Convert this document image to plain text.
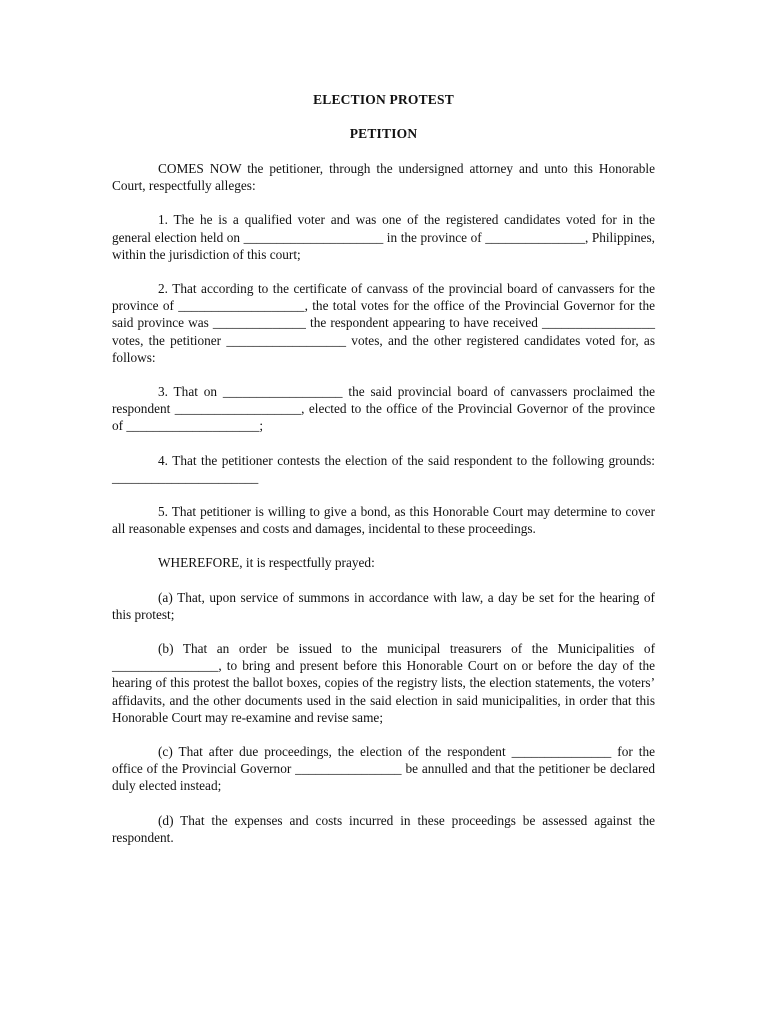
ELECTION PROTEST

PETITION

COMES NOW the petitioner, through the undersigned attorney and unto this Honorable Court, respectfully alleges:

1. The he is a qualified voter and was one of the registered candidates voted for in the general election held on _____________________ in the province of _______________, Philippines, within the jurisdiction of this court;

2. That according to the certificate of canvass of the provincial board of canvassers for the province of ___________________, the total votes for the office of the Provincial Governor for the said province was ______________ the respondent appearing to have received _________________ votes, the petitioner __________________ votes, and the other registered candidates voted for, as follows:

3. That on __________________ the said provincial board of canvassers proclaimed the respondent ___________________, elected to the office of the Provincial Governor of the province of ____________________;

4. That the petitioner contests the election of the said respondent to the following grounds: ______________________

5. That petitioner is willing to give a bond, as this Honorable Court may determine to cover all reasonable expenses and costs and damages, incidental to these proceedings.

WHEREFORE, it is respectfully prayed:

(a) That, upon service of summons in accordance with law, a day be set for the hearing of this protest;

(b) That an order be issued to the municipal treasurers of the Municipalities of ________________, to bring and present before this Honorable Court on or before the day of the hearing of this protest the ballot boxes, copies of the registry lists, the election statements, the voters’ affidavits, and the other documents used in the said election in said municipalities, in order that this Honorable Court may re-examine and revise same;

(c) That after due proceedings, the election of the respondent _______________ for the office of the Provincial Governor ________________ be annulled and that the petitioner be declared duly elected instead;

(d) That the expenses and costs incurred in these proceedings be assessed against the respondent.
